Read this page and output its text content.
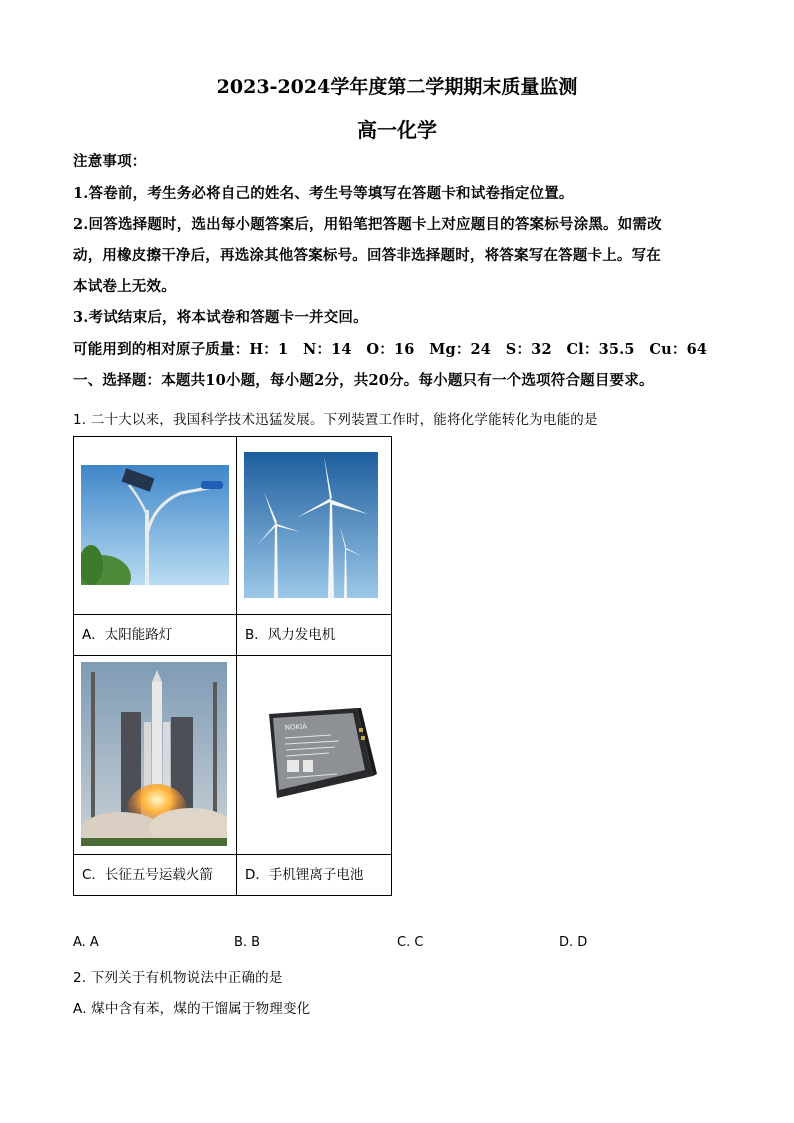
2023-2024学年度第二学期期末质量监测
高一化学
注意事项：
1.答卷前，考生务必将自己的姓名、考生号等填写在答题卡和试卷指定位置。
2.回答选择题时，选出每小题答案后，用铅笔把答题卡上对应题目的答案标号涂黑。如需改
动，用橡皮擦干净后，再选涂其他答案标号。回答非选择题时，将答案写在答题卡上。写在
本试卷上无效。
3.考试结束后，将本试卷和答题卡一并交回。
可能用到的相对原子质量：H：1　N：14　O：16　Mg：24　S：32　Cl：35.5　Cu：64
一、选择题：本题共10小题，每小题2分，共20分。每小题只有一个选项符合题目要求。
1. 二十大以来，我国科学技术迅猛发展。下列装置工作时，能将化学能转化为电能的是

A．太阳能路灯	B．风力发电机

NOKIA

C．长征五号运载火箭	D．手机锂离子电池
A. A	B. B	C. C	D. D
2. 下列关于有机物说法中正确的是
A. 煤中含有苯，煤的干馏属于物理变化
